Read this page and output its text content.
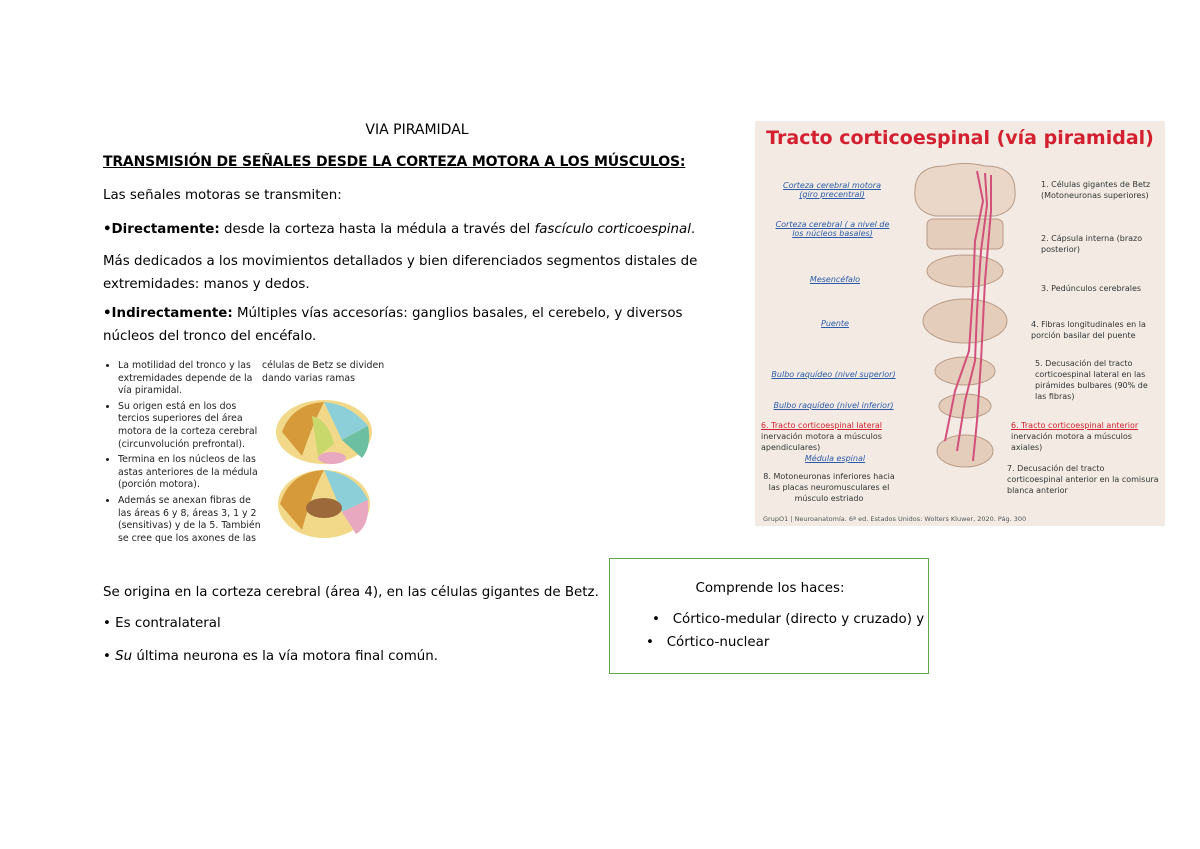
VIA PIRAMIDAL
TRANSMISIÓN DE SEÑALES DESDE LA CORTEZA MOTORA A LOS MÚSCULOS:
Las señales motoras se transmiten:
•Directamente: desde la corteza hasta la médula a través del fascículo corticoespinal.
Más dedicados a los movimientos detallados y bien diferenciados segmentos distales de extremidades: manos y dedos.
•Indirectamente: Múltiples vías accesorías: ganglios basales, el cerebelo, y diversos núcleos del tronco del encéfalo.
• La motilidad del tronco y las extremidades depende de la vía piramidal.
• Su origen está en los dos tercios superiores del área motora de la corteza cerebral (circunvolución prefrontal).
• Termina en los núcleos de las astas anteriores de la médula (porción motora).
• Además se anexan fibras de las áreas 6 y 8, áreas 3, 1 y 2 (sensitivas) y de la 5. También se cree que los axones de las
células de Betz se dividen dando varias ramas
Tracto corticoespinal (vía piramidal)
Corteza cerebral motora (giro precentral)
Corteza cerebral ( a nivel de los núcleos basales)
Mesencéfalo
Puente
Bulbo raquídeo (nivel superior)
Bulbo raquídeo (nivel inferior)
Médula espinal
1. Células gigantes de Betz (Motoneuronas superiores)
2. Cápsula interna (brazo posterior)
3. Pedúnculos cerebrales
4. Fibras longitudinales en la porción basilar del puente
5. Decusación del tracto corticoespinal lateral en las pirámides bulbares (90% de las fibras)
7. Decusación del tracto corticoespinal anterior en la comisura blanca anterior
6. Tracto corticoespinal lateral inervación motora a músculos apendiculares)
6. Tracto corticoespinal anterior inervación motora a músculos axiales)
8. Motoneuronas inferiores hacia las placas neuromusculares el músculo estriado
GrupO1 | Neuroanatomía. 6ª ed. Estados Unidos: Wolters Kluwer, 2020. Pág. 300
Se origina en la corteza cerebral (área 4), en las células gigantes de Betz.
• Es contralateral
• Su última neurona es la vía motora final común.
Comprende los haces:
• Córtico-medular (directo y cruzado) y
• Córtico-nuclear
